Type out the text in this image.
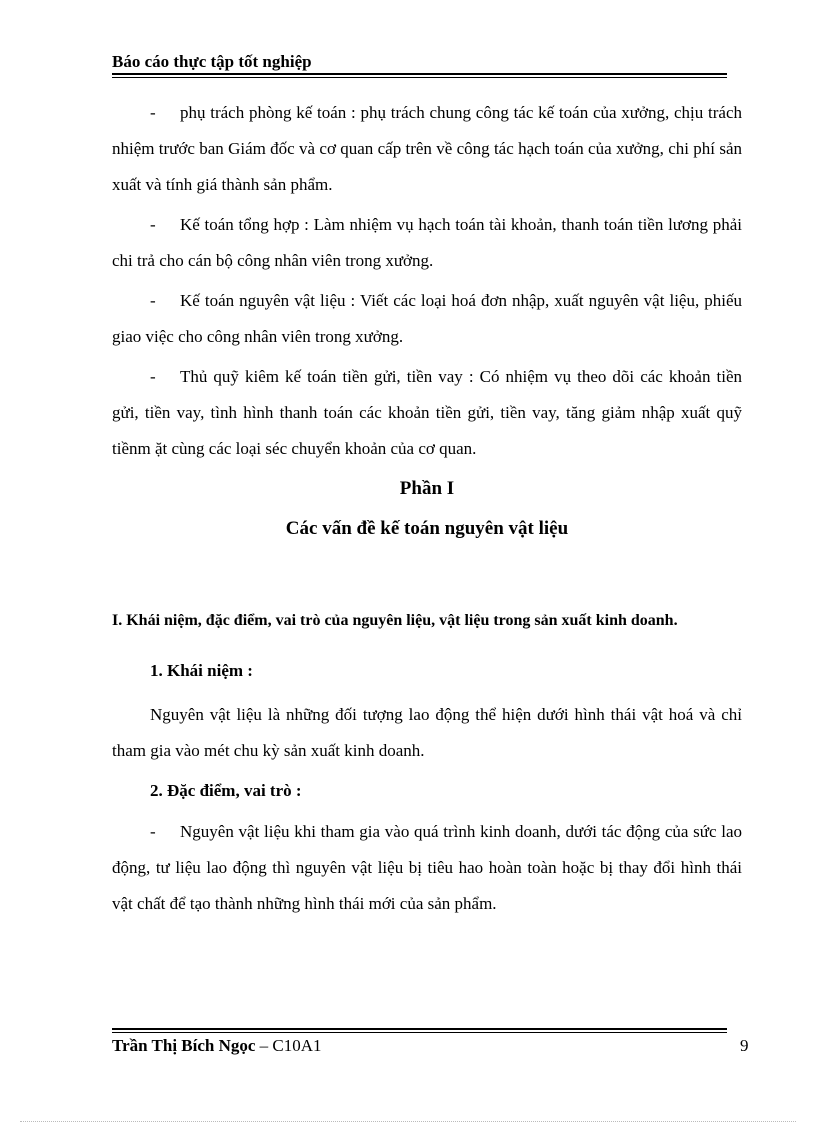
Báo cáo thực tập tốt nghiệp

- phụ trách phòng kế toán : phụ trách chung công tác kế toán của xưởng, chịu trách nhiệm trước ban Giám đốc và cơ quan cấp trên về công tác hạch toán của xưởng, chi phí sản xuất và tính giá thành sản phẩm.

- Kế toán tổng hợp : Làm nhiệm vụ hạch toán tài khoản, thanh toán tiền lương phải chi trả cho cán bộ công nhân viên trong xưởng.

- Kế toán nguyên vật liệu : Viết các loại hoá đơn nhập, xuất nguyên vật liệu, phiếu giao việc cho công nhân viên trong xưởng.

- Thủ quỹ kiêm kế toán tiền gửi, tiền vay : Có nhiệm vụ theo dõi các khoản tiền gửi, tiền vay, tình hình thanh toán các khoản tiền gửi, tiền vay, tăng giảm nhập xuất quỹ tiềnm ặt cùng các loại séc chuyển khoản của cơ quan.

Phần I
Các vấn đề kế toán nguyên vật liệu
I. Khái niệm, đặc điểm, vai trò của nguyên liệu, vật liệu trong sản xuất kinh doanh.
1. Khái niệm :
Nguyên vật liệu là những đối tượng lao động thể hiện dưới hình thái vật hoá và chỉ tham gia vào mét chu kỳ sản xuất kinh doanh.
2. Đặc điểm, vai trò :
- Nguyên vật liệu khi tham gia vào quá trình kinh doanh, dưới tác động của sức lao động, tư liệu lao động thì nguyên vật liệu bị tiêu hao hoàn toàn hoặc bị thay đổi hình thái vật chất để tạo thành những hình thái mới của sản phẩm.
Trần Thị Bích Ngọc – C10A1	9
